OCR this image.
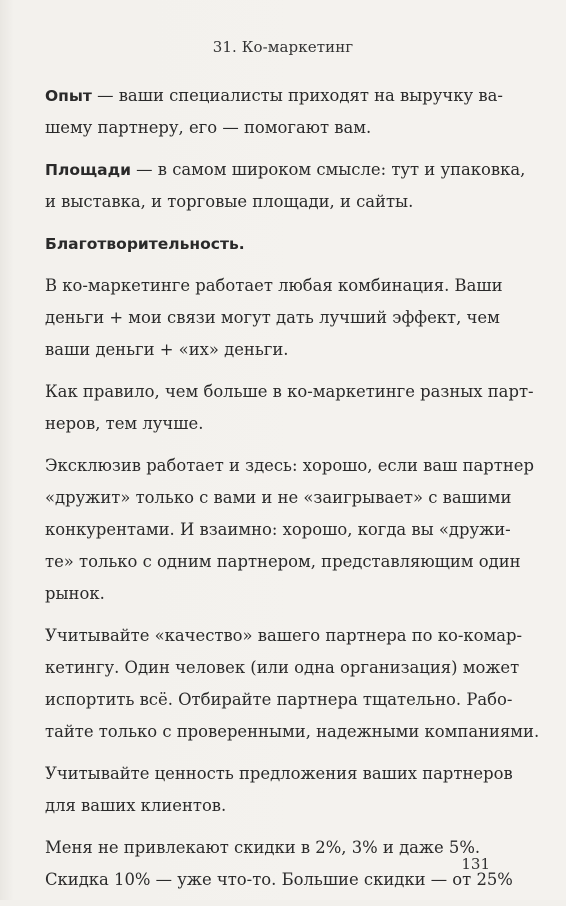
31. Ко-маркетинг

Опыт — ваши специалисты приходят на выручку ва-
шему партнеру, его — помогают вам.

Площади — в самом широком смысле: тут и упаковка,
и выставка, и торговые площади, и сайты.

Благотворительность.

В ко-маркетинге работает любая комбинация. Ваши
деньги + мои связи могут дать лучший эффект, чем
ваши деньги + «их» деньги.

Как правило, чем больше в ко-маркетинге разных парт-
неров, тем лучше.

Эксклюзив работает и здесь: хорошо, если ваш партнер
«дружит» только с вами и не «заигрывает» с вашими
конкурентами. И взаимно: хорошо, когда вы «дружи-
те» только с одним партнером, представляющим один
рынок.

Учитывайте «качество» вашего партнера по ко-комар-
кетингу. Один человек (или одна организация) может
испортить всё. Отбирайте партнера тщательно. Рабо-
тайте только с проверенными, надежными компаниями.

Учитывайте ценность предложения ваших партнеров
для ваших клиентов.

Меня не привлекают скидки в 2%, 3% и даже 5%.
Скидка 10% — уже что-то. Большие скидки — от 25%

131
